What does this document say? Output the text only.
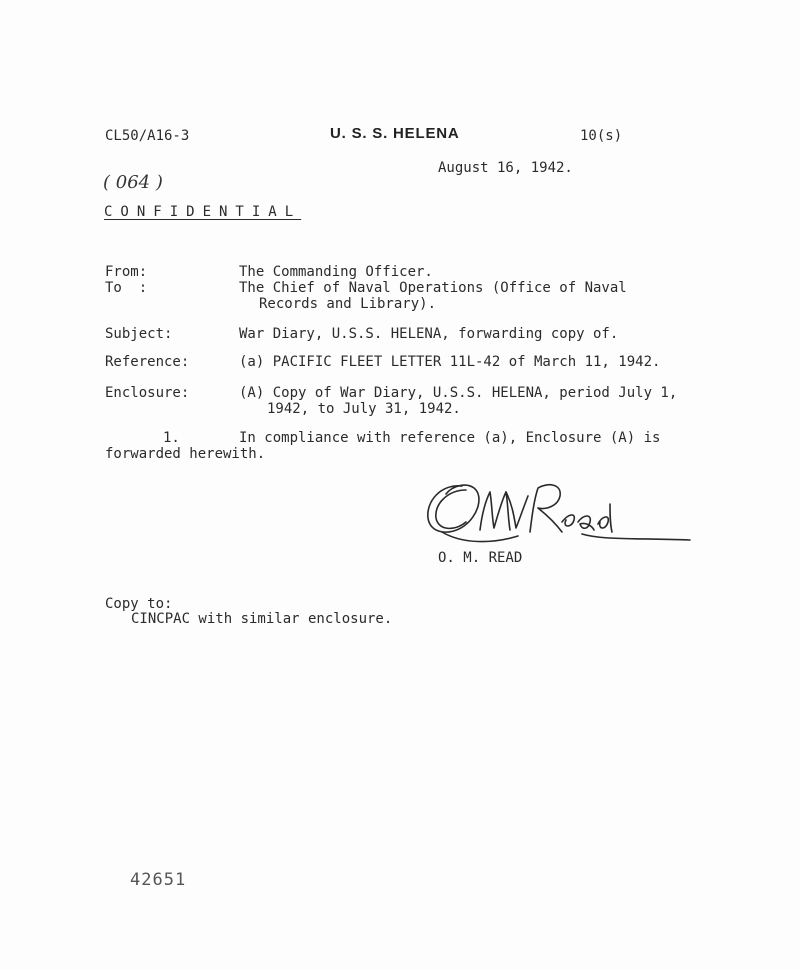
CL50/A16-3	U. S. S. HELENA	10(s)
August 16, 1942.
( 064 )
CONFIDENTIAL
From:	The Commanding Officer.
To  :	The Chief of Naval Operations (Office of Naval
Records and Library).
Subject:	War Diary, U.S.S. HELENA, forwarding copy of.
Reference:	(a) PACIFIC FLEET LETTER 11L-42 of March 11, 1942.
Enclosure:	(A) Copy of War Diary, U.S.S. HELENA, period July 1,
1942, to July 31, 1942.
1.	In compliance with reference (a), Enclosure (A) is
forwarded herewith.
O. M. READ
Copy to:
CINCPAC with similar enclosure.
42651
